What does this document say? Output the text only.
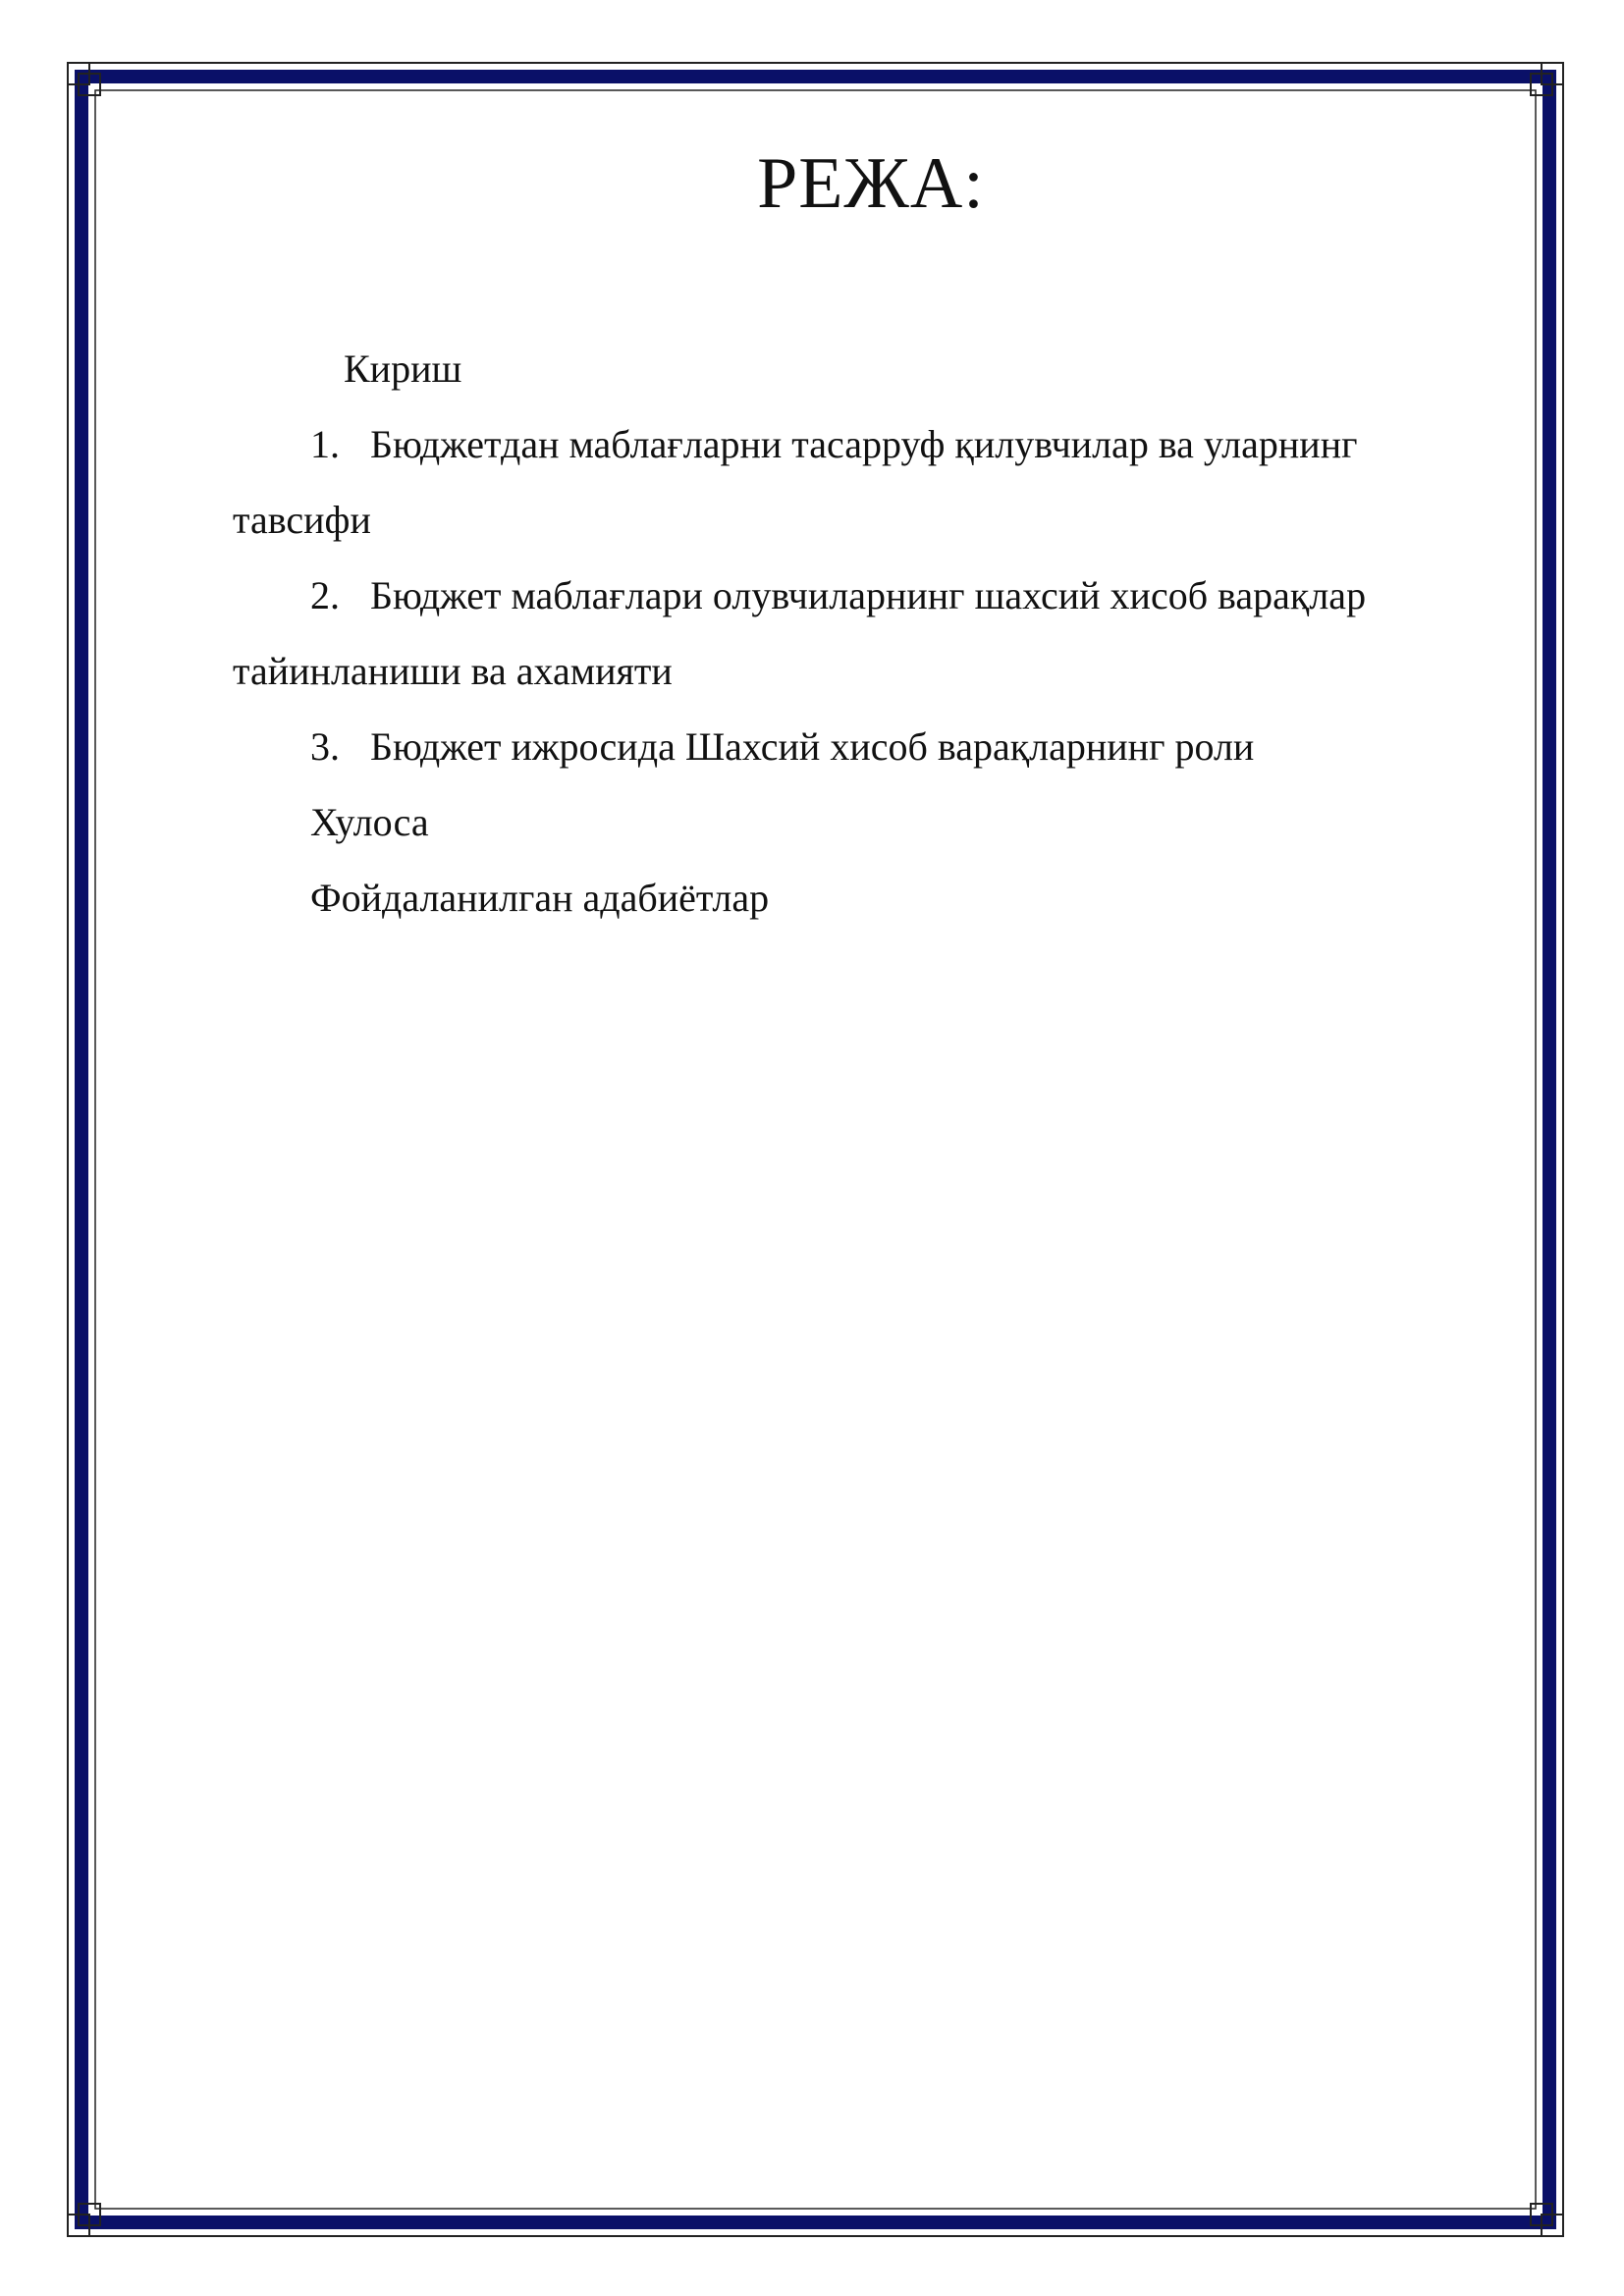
РЕЖА:
Кириш
1. Бюджетдан маблағларни тасарруф қилувчилар ва уларнинг
тавсифи
2. Бюджет маблағлари олувчиларнинг шахсий хисоб варақлар
тайинланиши ва ахамияти
3. Бюджет ижросида Шахсий хисоб варақларнинг роли
Хулоса
Фойдаланилган адабиётлар
